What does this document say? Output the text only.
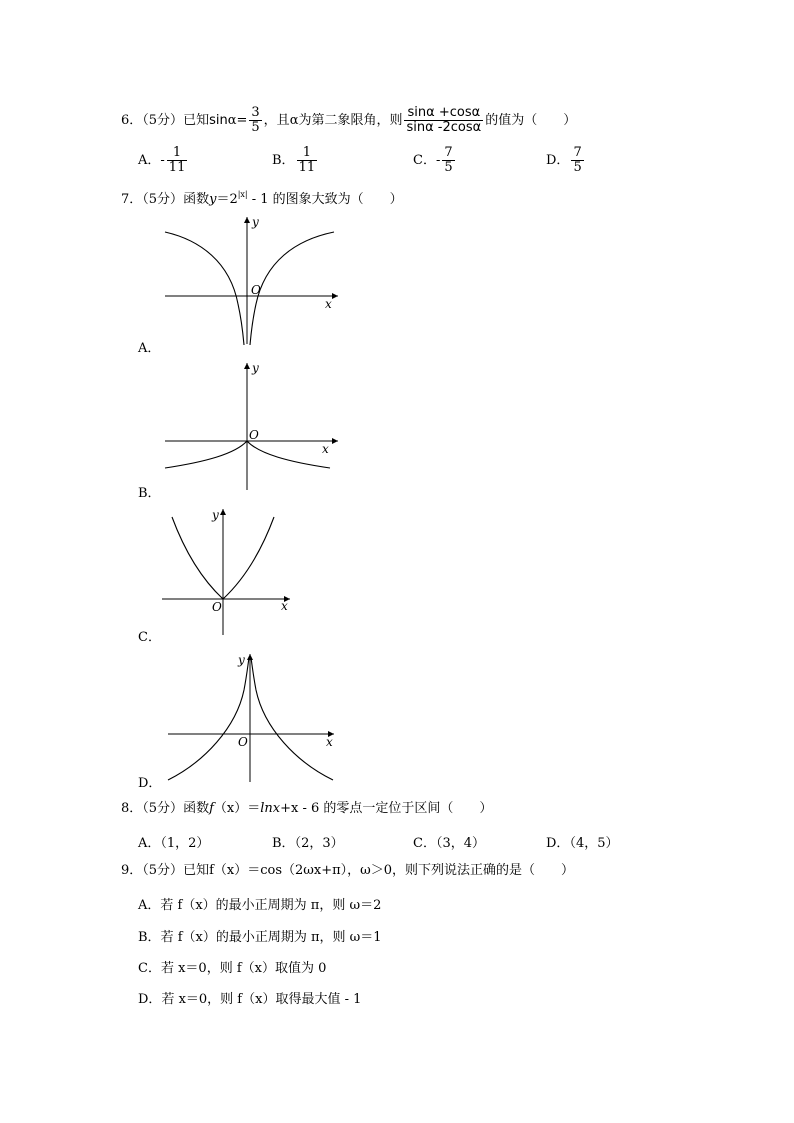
6．（5分）已知$\sin\alpha= \frac{3}{5}$ ，且α为第二象限角，则 $\frac{\sin\alpha +\cos\alpha}{\sin\alpha -2\cos\alpha}$ 的值为（　　）
A．- $\frac{1}{11}$	B． $\frac{1}{11}$	C．- $\frac{7}{5}$	D． $\frac{7}{5}$
7．（5分）函数$y=2^{|x|} - 1$ 的图象大致为（　　）
y
O
x
A．
y
O
x
B．
y
O	x
C．
y
O	x
D．
8．（5分）函数f（x）＝lnx+x - 6 的零点一定位于区间（　　）
A．（1，2）	B．（2，3）	C．（3，4）	D．（4，5）
9．（5分）已知f（x）＝cos（2ωx+π），ω＞0，则下列说法正确的是（　　）
A．若 f（x）的最小正周期为 π，则 ω＝2
B．若 f（x）的最小正周期为 π，则 ω＝1
C．若 x＝0，则 f（x）取值为 0
D．若 x＝0，则 f（x）取得最大值 - 1
